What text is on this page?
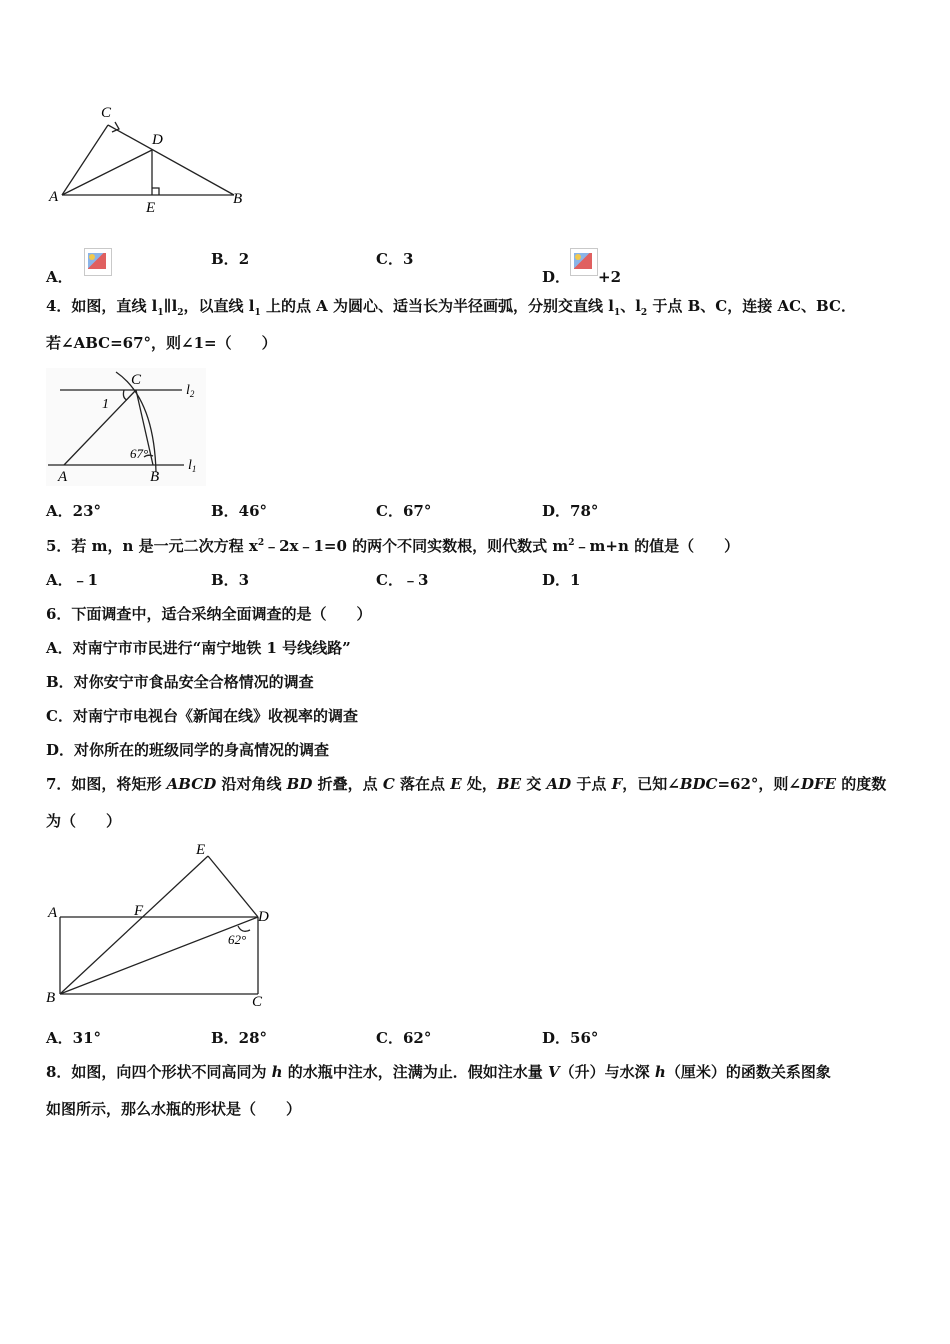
C
D
A
E
B
A．
B．2	C．3
D． +2
4．如图，直线 $l_1\parallel l_2$，以直线 $l_1$ 上的点 A 为圆心、适当长为半径画弧，分别交直线 $l_1$、$l_2$ 于点 B、C，连接 AC、BC．
若∠ABC=67°，则∠1=（　　）
C
1
67°
A	B
$l_2$
$l_1$
A．23°	B．46°	C．67°	D．78°
5．若 m，n 是一元二次方程 $x^2﹣2x﹣1=0$ 的两个不同实数根，则代数式 $m^2﹣m+n$ 的值是（　　）
A．﹣1	B．3	C．﹣3	D．1
6．下面调查中，适合采纳全面调查的是（　　）
A．对南宁市市民进行“南宁地铁 1 号线线路”
B．对你安宁市食品安全合格情况的调查
C．对南宁市电视台《新闻在线》收视率的调查
D．对你所在的班级同学的身高情况的调查
7．如图，将矩形 ABCD 沿对角线 BD 折叠，点 C 落在点 E 处，BE 交 AD 于点 F，已知∠BDC=62°，则∠DFE 的度数
为（　　）
E
A	F	D
62°
B	C
A．31°	B．28°	C．62°	D．56°
8．如图，向四个形状不同高同为 h 的水瓶中注水，注满为止．假如注水量 V（升）与水深 h（厘米）的函数关系图象
如图所示，那么水瓶的形状是（　　）
